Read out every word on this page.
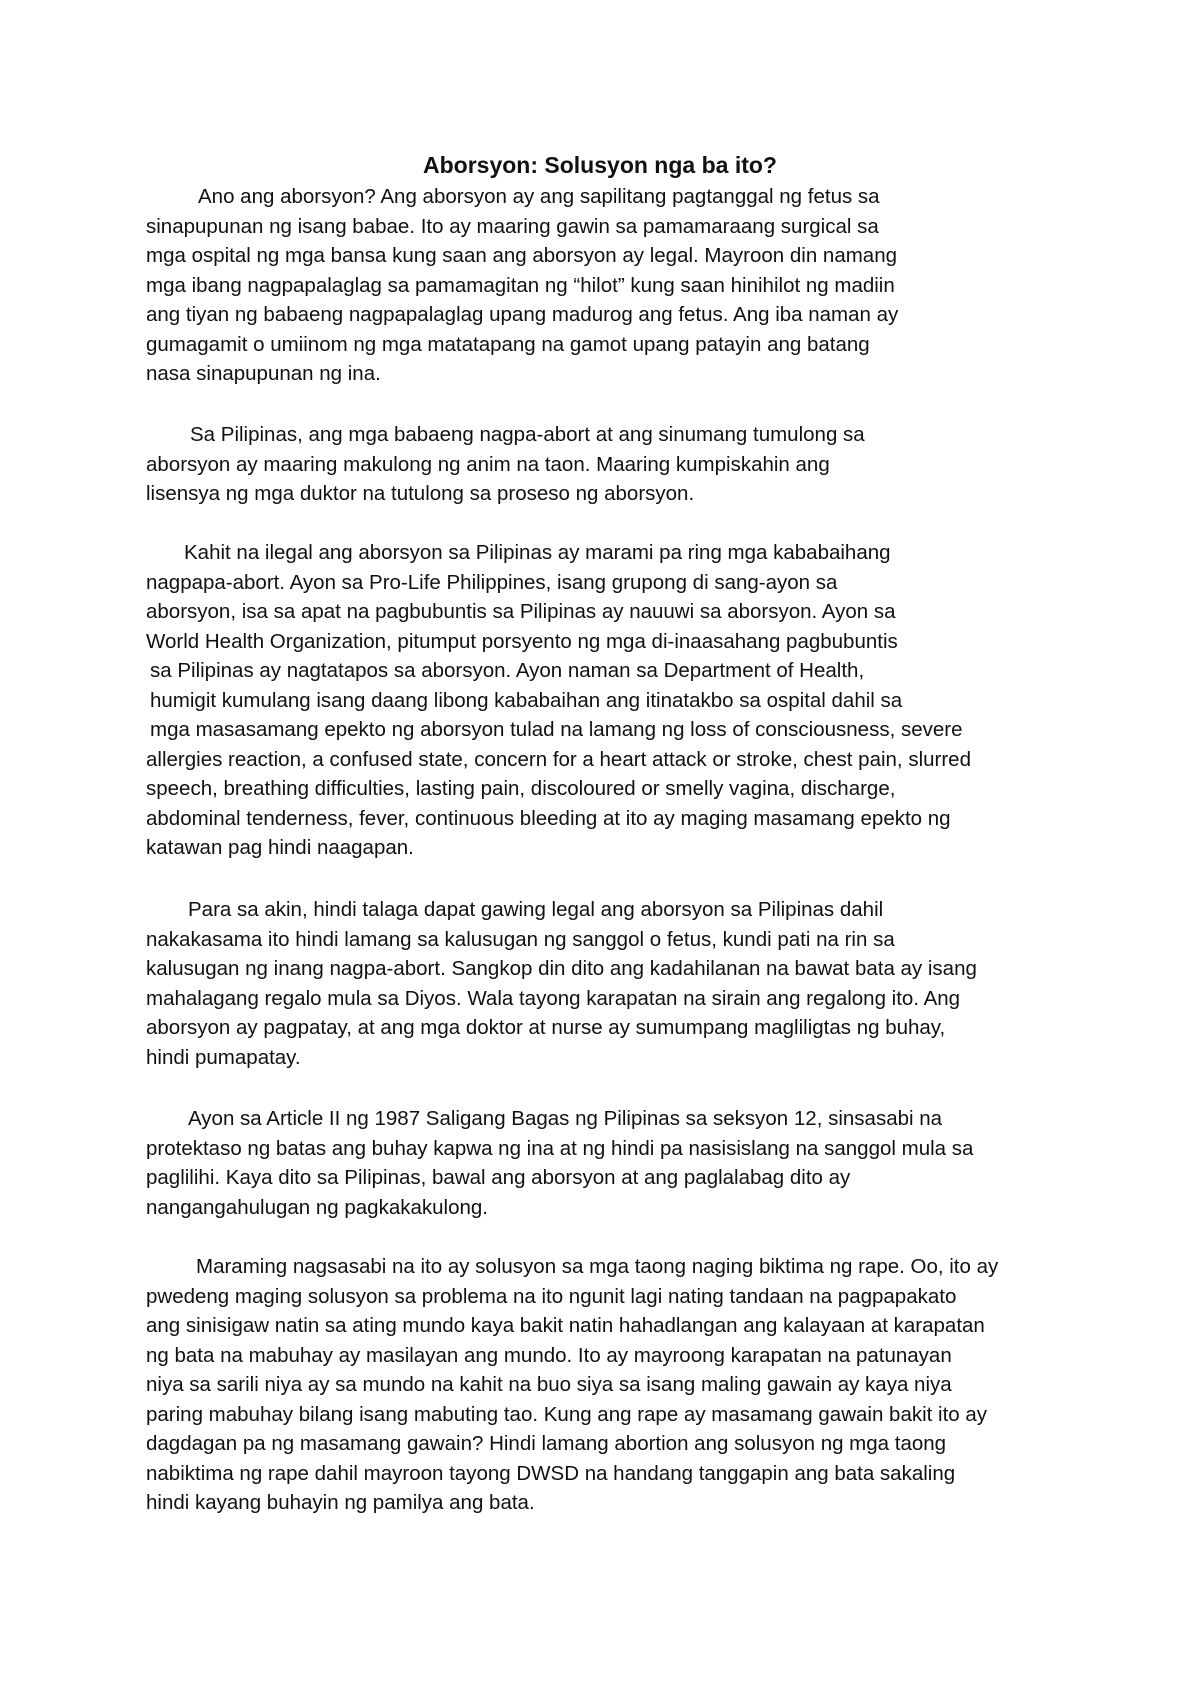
Aborsyon: Solusyon nga ba ito?
Ano ang aborsyon? Ang aborsyon ay ang sapilitang pagtanggal ng fetus sa
sinapupunan ng isang babae. Ito ay maaring gawin sa pamamaraang surgical sa
mga ospital ng mga bansa kung saan ang aborsyon ay legal. Mayroon din namang
mga ibang nagpapalaglag sa pamamagitan ng “hilot” kung saan hinihilot ng madiin
ang tiyan ng babaeng nagpapalaglag upang madurog ang fetus. Ang iba naman ay
gumagamit o umiinom ng mga matatapang na gamot upang patayin ang batang
nasa sinapupunan ng ina.
Sa Pilipinas, ang mga babaeng nagpa-abort at ang sinumang tumulong sa
aborsyon ay maaring makulong ng anim na taon. Maaring kumpiskahin ang
lisensya ng mga duktor na tutulong sa proseso ng aborsyon.
Kahit na ilegal ang aborsyon sa Pilipinas ay marami pa ring mga kababaihang
nagpapa-abort. Ayon sa Pro-Life Philippines, isang grupong di sang-ayon sa
aborsyon, isa sa apat na pagbubuntis sa Pilipinas ay nauuwi sa aborsyon. Ayon sa
World Health Organization, pitumput porsyento ng mga di-inaasahang pagbubuntis
sa Pilipinas ay nagtatapos sa aborsyon. Ayon naman sa Department of Health,
humigit kumulang isang daang libong kababaihan ang itinatakbo sa ospital dahil sa
mga masasamang epekto ng aborsyon tulad na lamang ng loss of consciousness, severe
allergies reaction, a confused state, concern for a heart attack or stroke, chest pain, slurred
speech, breathing difficulties, lasting pain, discoloured or smelly vagina, discharge,
abdominal tenderness, fever, continuous bleeding at ito ay maging masamang epekto ng
katawan pag hindi naagapan.
Para sa akin, hindi talaga dapat gawing legal ang aborsyon sa Pilipinas dahil
nakakasama ito hindi lamang sa kalusugan ng sanggol o fetus, kundi pati na rin sa
kalusugan ng inang nagpa-abort. Sangkop din dito ang kadahilanan na bawat bata ay isang
mahalagang regalo mula sa Diyos. Wala tayong karapatan na sirain ang regalong ito. Ang
aborsyon ay pagpatay, at ang mga doktor at nurse ay sumumpang magliligtas ng buhay,
hindi pumapatay.
Ayon sa Article II ng 1987 Saligang Bagas ng Pilipinas sa seksyon 12, sinsasabi na
protektaso ng batas ang buhay kapwa ng ina at ng hindi pa nasisislang na sanggol mula sa
paglilihi. Kaya dito sa Pilipinas, bawal ang aborsyon at ang paglalabag dito ay
nangangahulugan ng pagkakakulong.
Maraming nagsasabi na ito ay solusyon sa mga taong naging biktima ng rape. Oo, ito ay
pwedeng maging solusyon sa problema na ito ngunit lagi nating tandaan na pagpapakato
ang sinisigaw natin sa ating mundo kaya bakit natin hahadlangan ang kalayaan at karapatan
ng bata na mabuhay ay masilayan ang mundo. Ito ay mayroong karapatan na patunayan
niya sa sarili niya ay sa mundo na kahit na buo siya sa isang maling gawain ay kaya niya
paring mabuhay bilang isang mabuting tao. Kung ang rape ay masamang gawain bakit ito ay
dagdagan pa ng masamang gawain? Hindi lamang abortion ang solusyon ng mga taong
nabiktima ng rape dahil mayroon tayong DWSD na handang tanggapin ang bata sakaling
hindi kayang buhayin ng pamilya ang bata.
